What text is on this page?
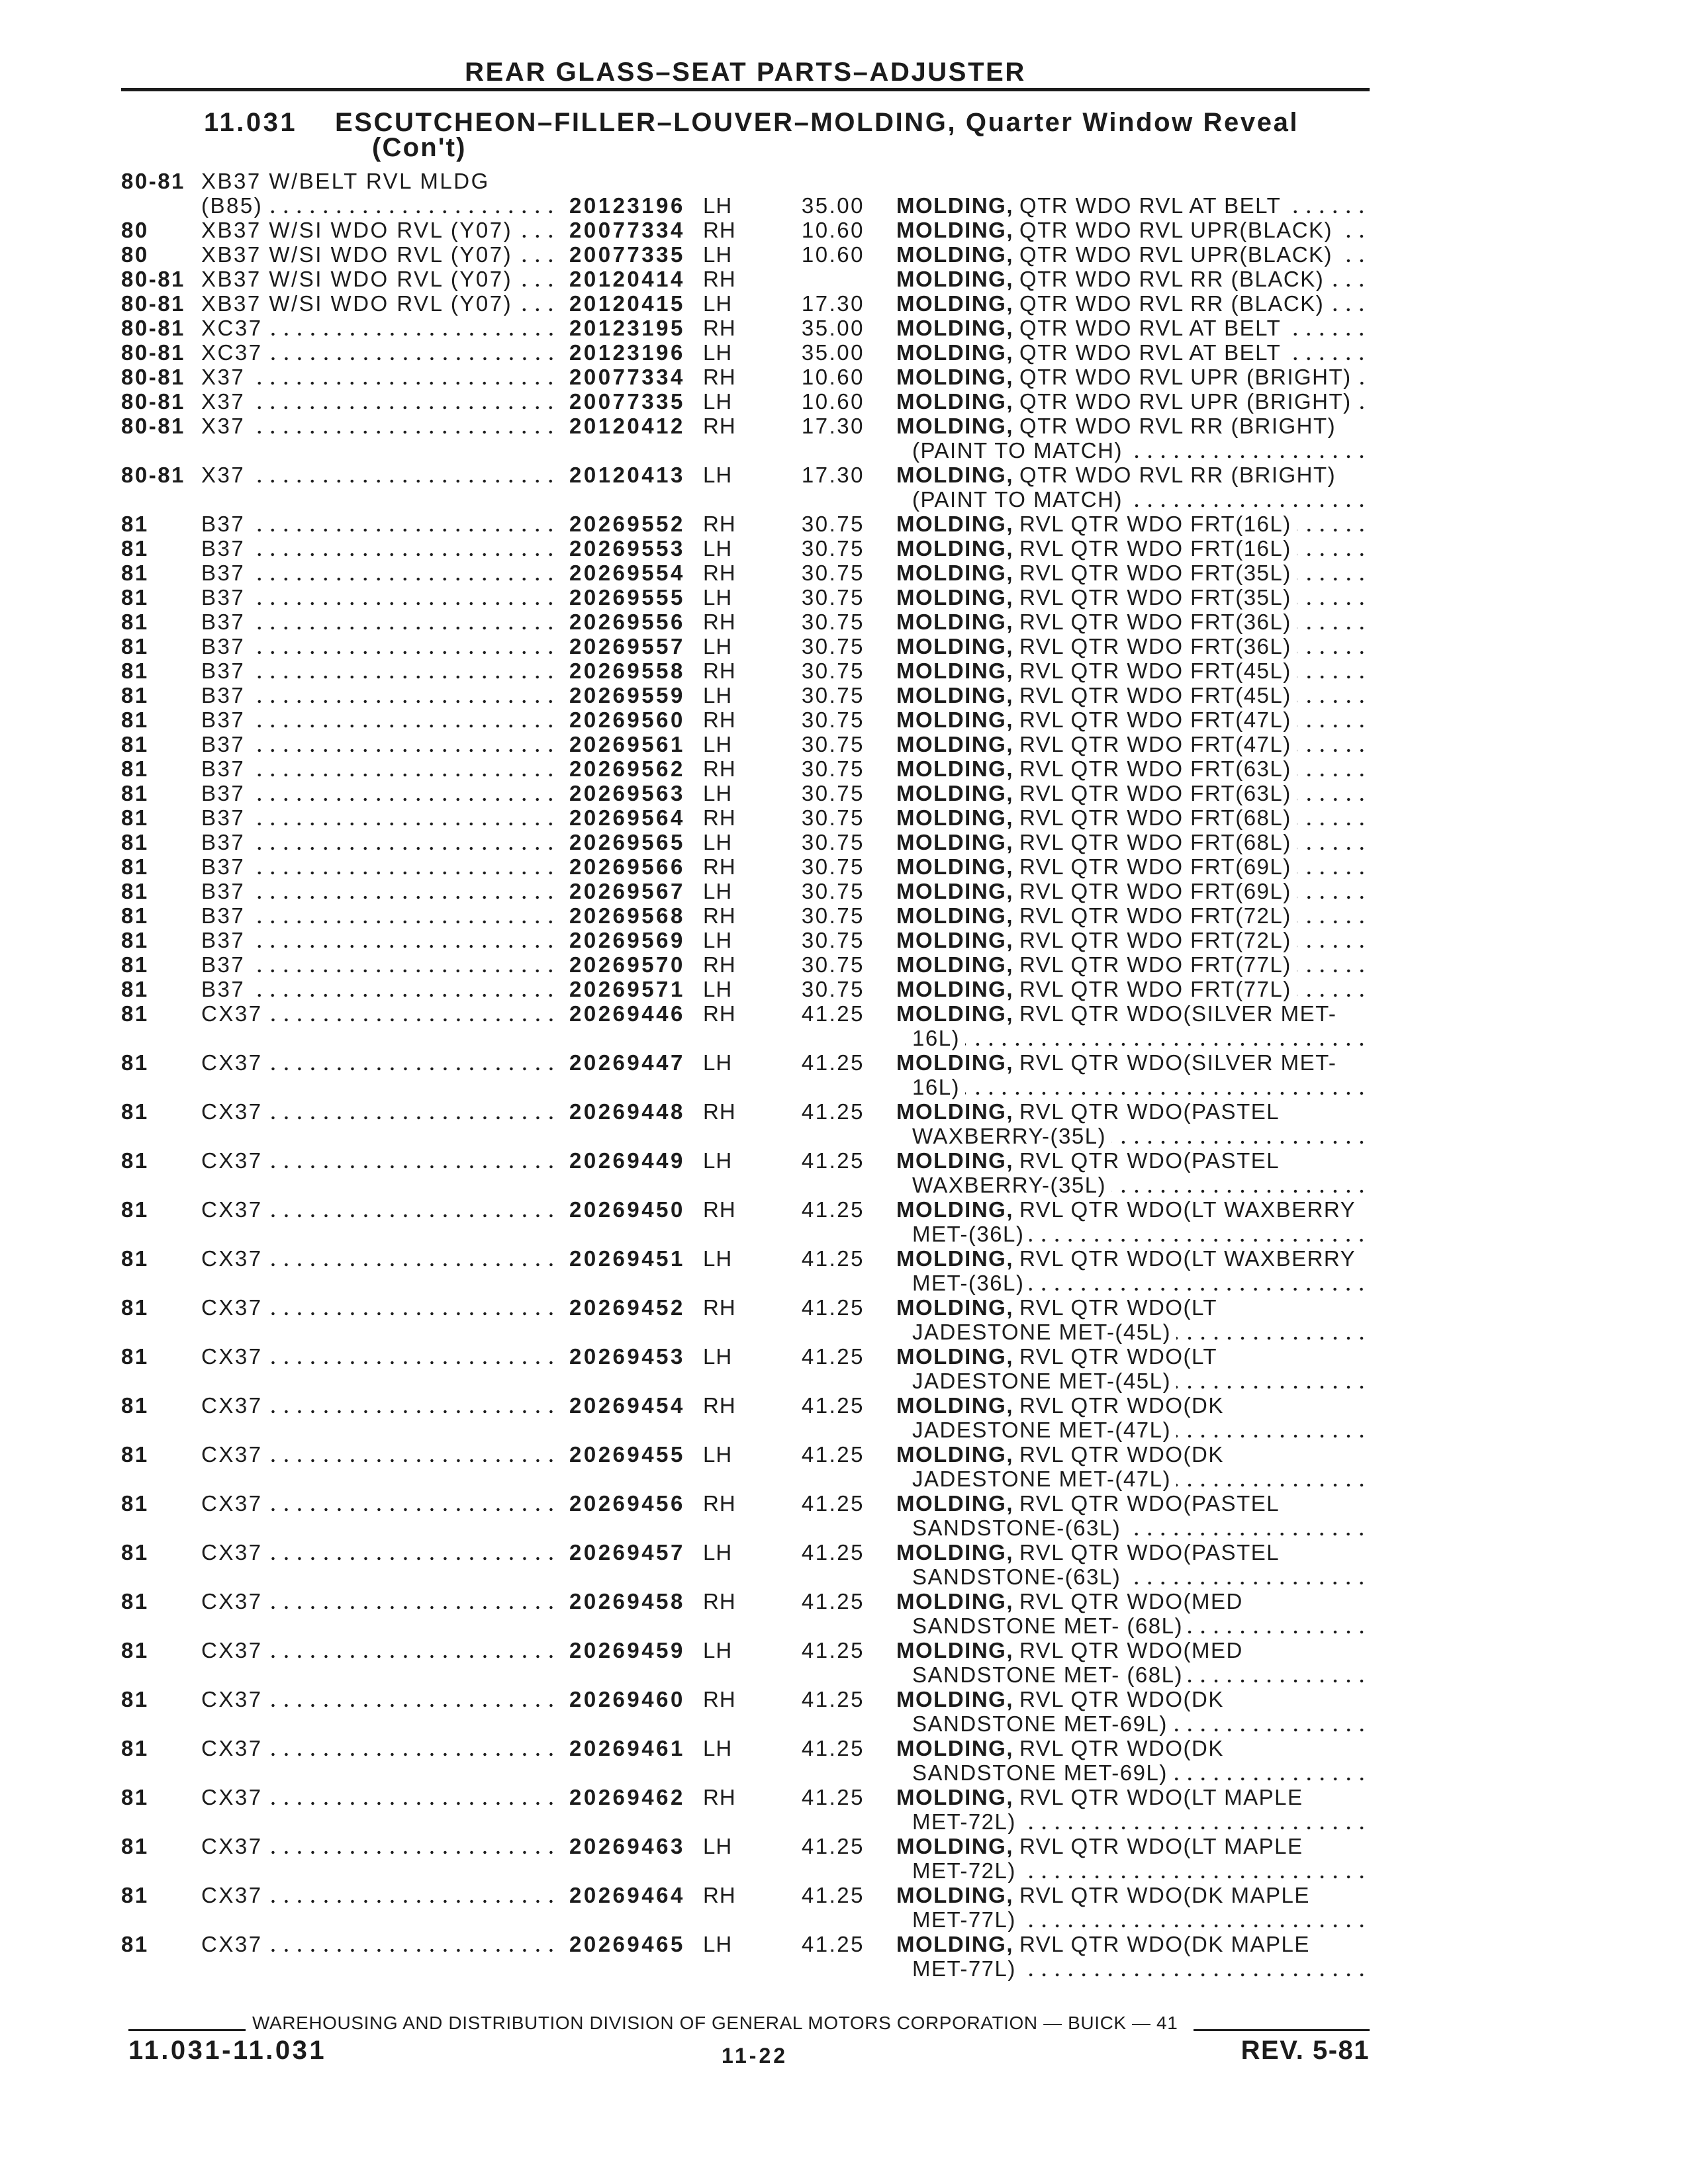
REAR GLASS–SEAT PARTS–ADJUSTER
11.031 ESCUTCHEON–FILLER–LOUVER–MOLDING, Quarter Window Reveal
(Con't)
80-81 XB37 W/BELT RVL MLDG
(B85)	20123196 LH	35.00 MOLDING, QTR WDO RVL AT BELT
80 XB37 W/SI WDO RVL (Y07)	20077334 RH	10.60 MOLDING, QTR WDO RVL UPR(BLACK)
80 XB37 W/SI WDO RVL (Y07)	20077335 LH	10.60 MOLDING, QTR WDO RVL UPR(BLACK)
80-81 XB37 W/SI WDO RVL (Y07)	20120414 RH	MOLDING, QTR WDO RVL RR (BLACK)
80-81 XB37 W/SI WDO RVL (Y07)	20120415 LH	17.30 MOLDING, QTR WDO RVL RR (BLACK)
80-81 XC37	20123195 RH	35.00 MOLDING, QTR WDO RVL AT BELT
80-81 XC37	20123196 LH	35.00 MOLDING, QTR WDO RVL AT BELT
80-81 X37	20077334 RH	10.60 MOLDING, QTR WDO RVL UPR (BRIGHT)
80-81 X37	20077335 LH	10.60 MOLDING, QTR WDO RVL UPR (BRIGHT)
80-81 X37	20120412 RH	17.30 MOLDING, QTR WDO RVL RR (BRIGHT)
(PAINT TO MATCH)
80-81 X37	20120413 LH	17.30 MOLDING, QTR WDO RVL RR (BRIGHT)
(PAINT TO MATCH)
81 B37	20269552 RH	30.75 MOLDING, RVL QTR WDO FRT(16L)
81 B37	20269553 LH	30.75 MOLDING, RVL QTR WDO FRT(16L)
81 B37	20269554 RH	30.75 MOLDING, RVL QTR WDO FRT(35L)
81 B37	20269555 LH	30.75 MOLDING, RVL QTR WDO FRT(35L)
81 B37	20269556 RH	30.75 MOLDING, RVL QTR WDO FRT(36L)
81 B37	20269557 LH	30.75 MOLDING, RVL QTR WDO FRT(36L)
81 B37	20269558 RH	30.75 MOLDING, RVL QTR WDO FRT(45L)
81 B37	20269559 LH	30.75 MOLDING, RVL QTR WDO FRT(45L)
81 B37	20269560 RH	30.75 MOLDING, RVL QTR WDO FRT(47L)
81 B37	20269561 LH	30.75 MOLDING, RVL QTR WDO FRT(47L)
81 B37	20269562 RH	30.75 MOLDING, RVL QTR WDO FRT(63L)
81 B37	20269563 LH	30.75 MOLDING, RVL QTR WDO FRT(63L)
81 B37	20269564 RH	30.75 MOLDING, RVL QTR WDO FRT(68L)
81 B37	20269565 LH	30.75 MOLDING, RVL QTR WDO FRT(68L)
81 B37	20269566 RH	30.75 MOLDING, RVL QTR WDO FRT(69L)
81 B37	20269567 LH	30.75 MOLDING, RVL QTR WDO FRT(69L)
81 B37	20269568 RH	30.75 MOLDING, RVL QTR WDO FRT(72L)
81 B37	20269569 LH	30.75 MOLDING, RVL QTR WDO FRT(72L)
81 B37	20269570 RH	30.75 MOLDING, RVL QTR WDO FRT(77L)
81 B37	20269571 LH	30.75 MOLDING, RVL QTR WDO FRT(77L)
81 CX37	20269446 RH	41.25 MOLDING, RVL QTR WDO(SILVER MET-
16L)
81 CX37	20269447 LH	41.25 MOLDING, RVL QTR WDO(SILVER MET-
16L)
81 CX37	20269448 RH	41.25 MOLDING, RVL QTR WDO(PASTEL
WAXBERRY-(35L)
81 CX37	20269449 LH	41.25 MOLDING, RVL QTR WDO(PASTEL
WAXBERRY-(35L)
81 CX37	20269450 RH	41.25 MOLDING, RVL QTR WDO(LT WAXBERRY
MET-(36L)
81 CX37	20269451 LH	41.25 MOLDING, RVL QTR WDO(LT WAXBERRY
MET-(36L)
81 CX37	20269452 RH	41.25 MOLDING, RVL QTR WDO(LT
JADESTONE MET-(45L)
81 CX37	20269453 LH	41.25 MOLDING, RVL QTR WDO(LT
JADESTONE MET-(45L)
81 CX37	20269454 RH	41.25 MOLDING, RVL QTR WDO(DK
JADESTONE MET-(47L)
81 CX37	20269455 LH	41.25 MOLDING, RVL QTR WDO(DK
JADESTONE MET-(47L)
81 CX37	20269456 RH	41.25 MOLDING, RVL QTR WDO(PASTEL
SANDSTONE-(63L)
81 CX37	20269457 LH	41.25 MOLDING, RVL QTR WDO(PASTEL
SANDSTONE-(63L)
81 CX37	20269458 RH	41.25 MOLDING, RVL QTR WDO(MED
SANDSTONE MET- (68L)
81 CX37	20269459 LH	41.25 MOLDING, RVL QTR WDO(MED
SANDSTONE MET- (68L)
81 CX37	20269460 RH	41.25 MOLDING, RVL QTR WDO(DK
SANDSTONE MET-69L)
81 CX37	20269461 LH	41.25 MOLDING, RVL QTR WDO(DK
SANDSTONE MET-69L)
81 CX37	20269462 RH	41.25 MOLDING, RVL QTR WDO(LT MAPLE
MET-72L)
81 CX37	20269463 LH	41.25 MOLDING, RVL QTR WDO(LT MAPLE
MET-72L)
81 CX37	20269464 RH	41.25 MOLDING, RVL QTR WDO(DK MAPLE
MET-77L)
81 CX37	20269465 LH	41.25 MOLDING, RVL QTR WDO(DK MAPLE
MET-77L)
WAREHOUSING AND DISTRIBUTION DIVISION OF GENERAL MOTORS CORPORATION — BUICK — 41
11.031-11.031	11-22	REV. 5-81
